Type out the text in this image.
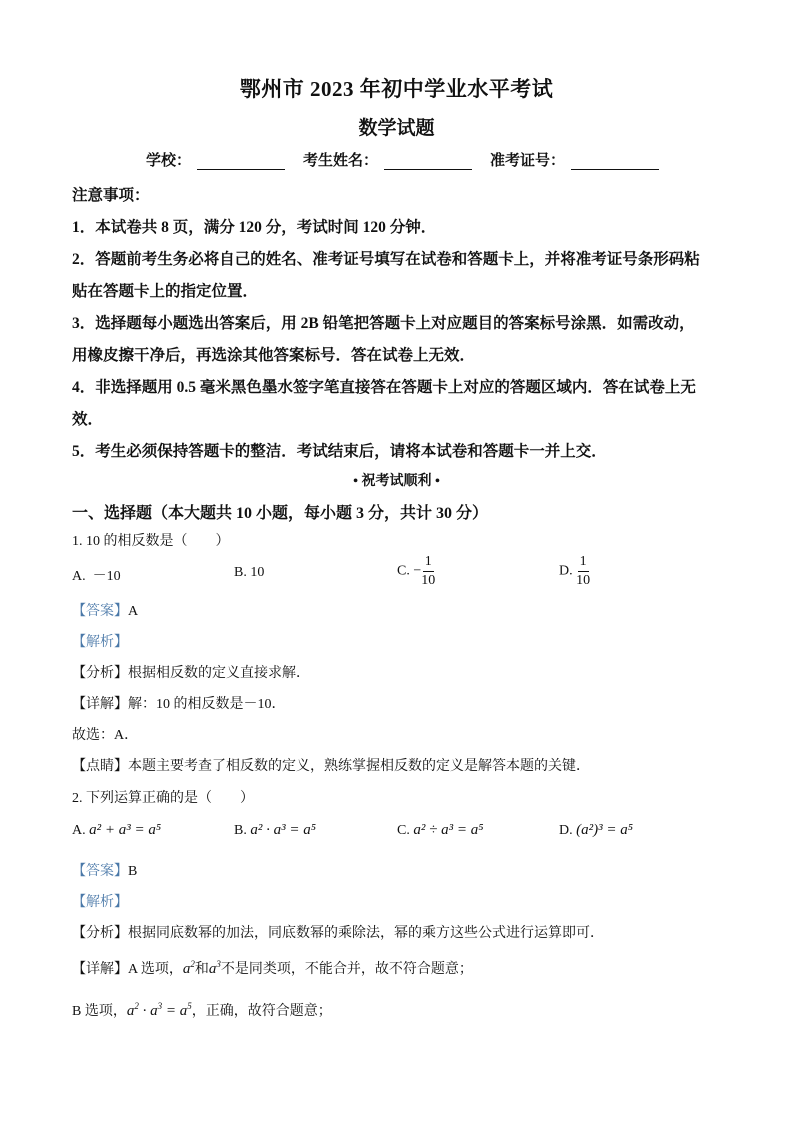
鄂州市 2023 年初中学业水平考试
数学试题
学校：	考生姓名：	准考证号：
注意事项：
1．本试卷共 8 页，满分 120 分，考试时间 120 分钟．
2．答题前考生务必将自己的姓名、准考证号填写在试卷和答题卡上，并将准考证号条形码粘
贴在答题卡上的指定位置．
3．选择题每小题选出答案后，用 2B 铅笔把答题卡上对应题目的答案标号涂黑．如需改动，
用橡皮擦干净后，再选涂其他答案标号．答在试卷上无效．
4．非选择题用 0.5 毫米黑色墨水签字笔直接答在答题卡上对应的答题区域内．答在试卷上无
效．
5．考生必须保持答题卡的整洁．考试结束后，请将本试卷和答题卡一并上交．
• 祝考试顺利 •
一、选择题（本大题共 10 小题，每小题 3 分，共计 30 分）
1. 10 的相反数是（　　）
A. －10	B. 10	C. − $\frac{1}{10}$	D. $\frac{1}{10}$
【答案】A
【解析】
【分析】根据相反数的定义直接求解．
【详解】解：10 的相反数是－10．
故选：A．
【点睛】本题主要考查了相反数的定义，熟练掌握相反数的定义是解答本题的关键．
2. 下列运算正确的是（　　）
A. a² + a³ = a⁵	B. a² · a³ = a⁵	C. a² ÷ a³ = a⁵	D. (a²)³ = a⁵
【答案】B
【解析】
【分析】根据同底数幂的加法，同底数幂的乘除法，幂的乘方这些公式进行运算即可．
【详解】A 选项，$a^2$和$a^3$不是同类项，不能合并，故不符合题意；
B 选项，$a^2 \cdot a^3 = a^5$，正确，故符合题意；
